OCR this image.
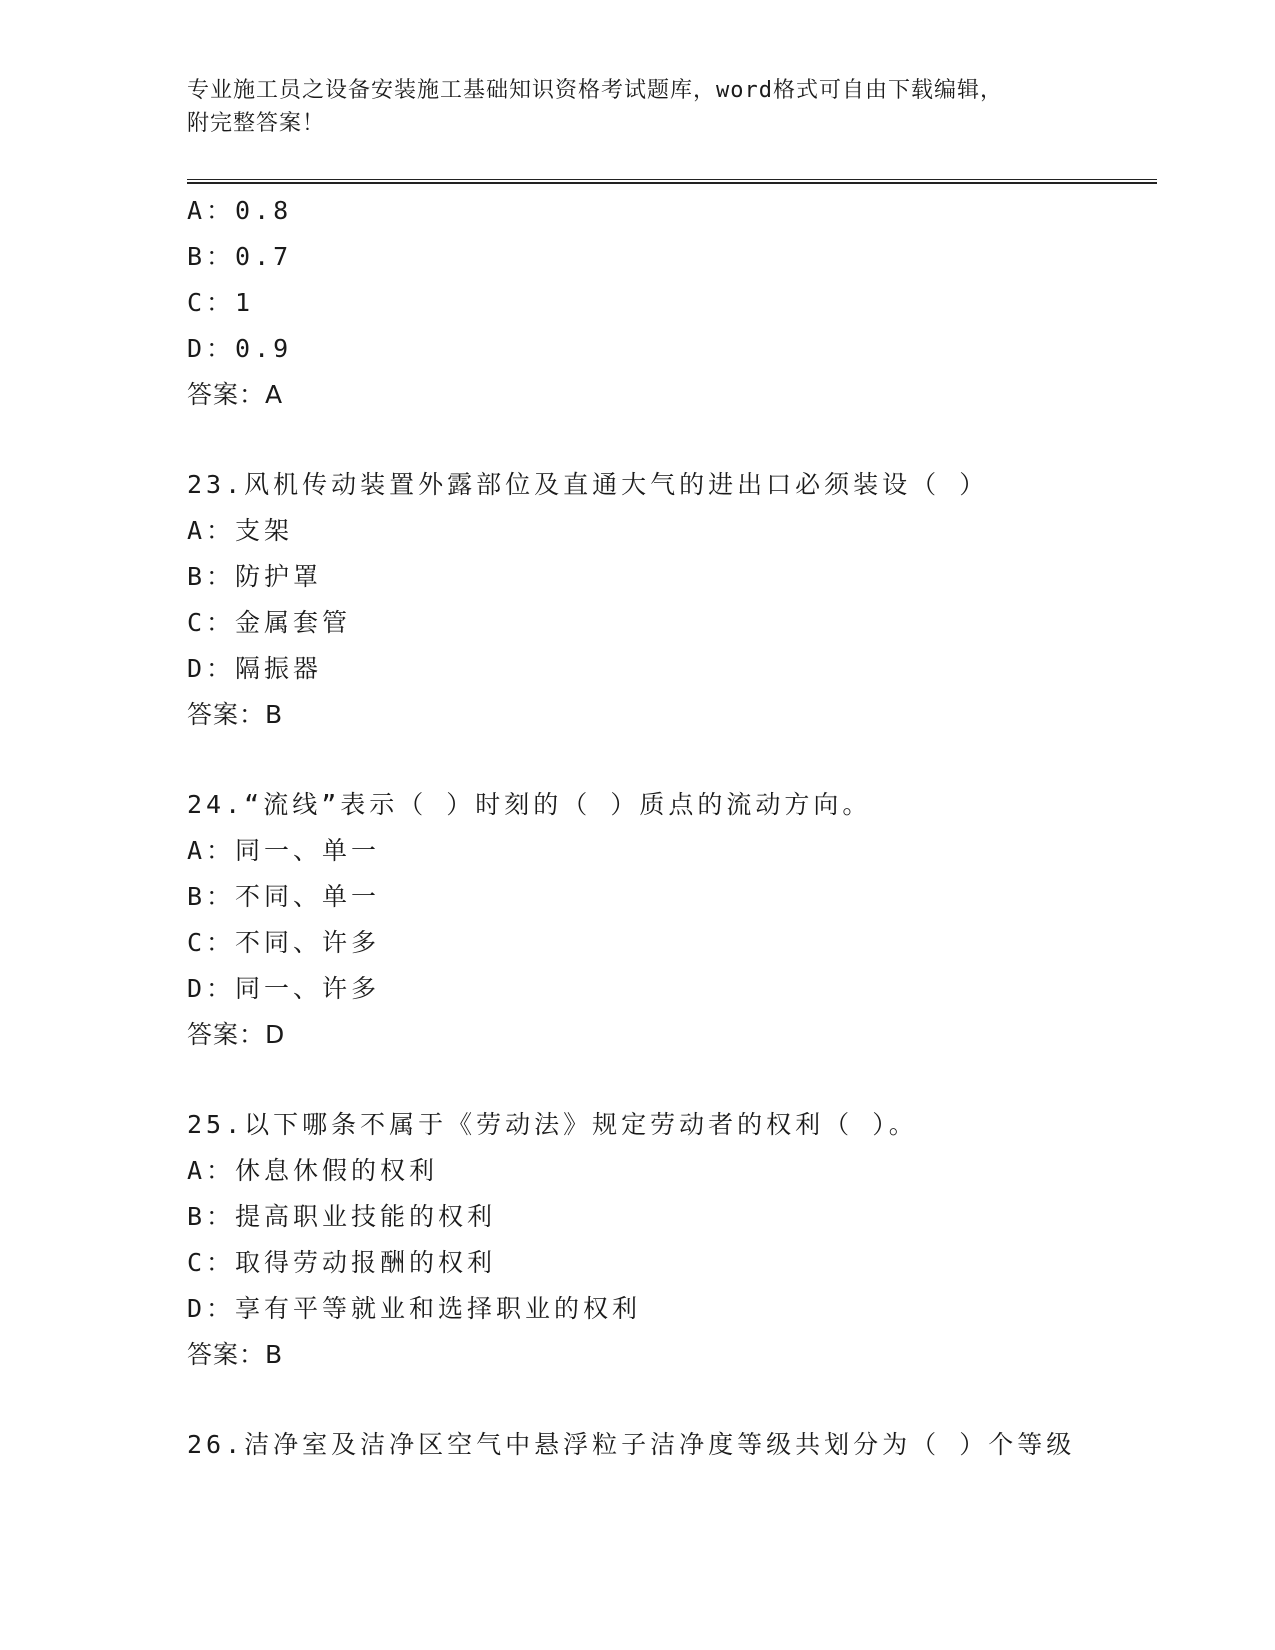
专业施工员之设备安装施工基础知识资格考试题库，word格式可自由下载编辑，
附完整答案！
A：0.8
B：0.7
C：1
D：0.9
答案：A
23.风机传动装置外露部位及直通大气的进出口必须装设（ ）
A：支架
B：防护罩
C：金属套管
D：隔振器
答案：B
24.“流线”表示（ ）时刻的（ ）质点的流动方向。
A：同一、单一
B：不同、单一
C：不同、许多
D：同一、许多
答案：D
25.以下哪条不属于《劳动法》规定劳动者的权利（ ）。
A：休息休假的权利
B：提高职业技能的权利
C：取得劳动报酬的权利
D：享有平等就业和选择职业的权利
答案：B
26.洁净室及洁净区空气中悬浮粒子洁净度等级共划分为（ ）个等级
